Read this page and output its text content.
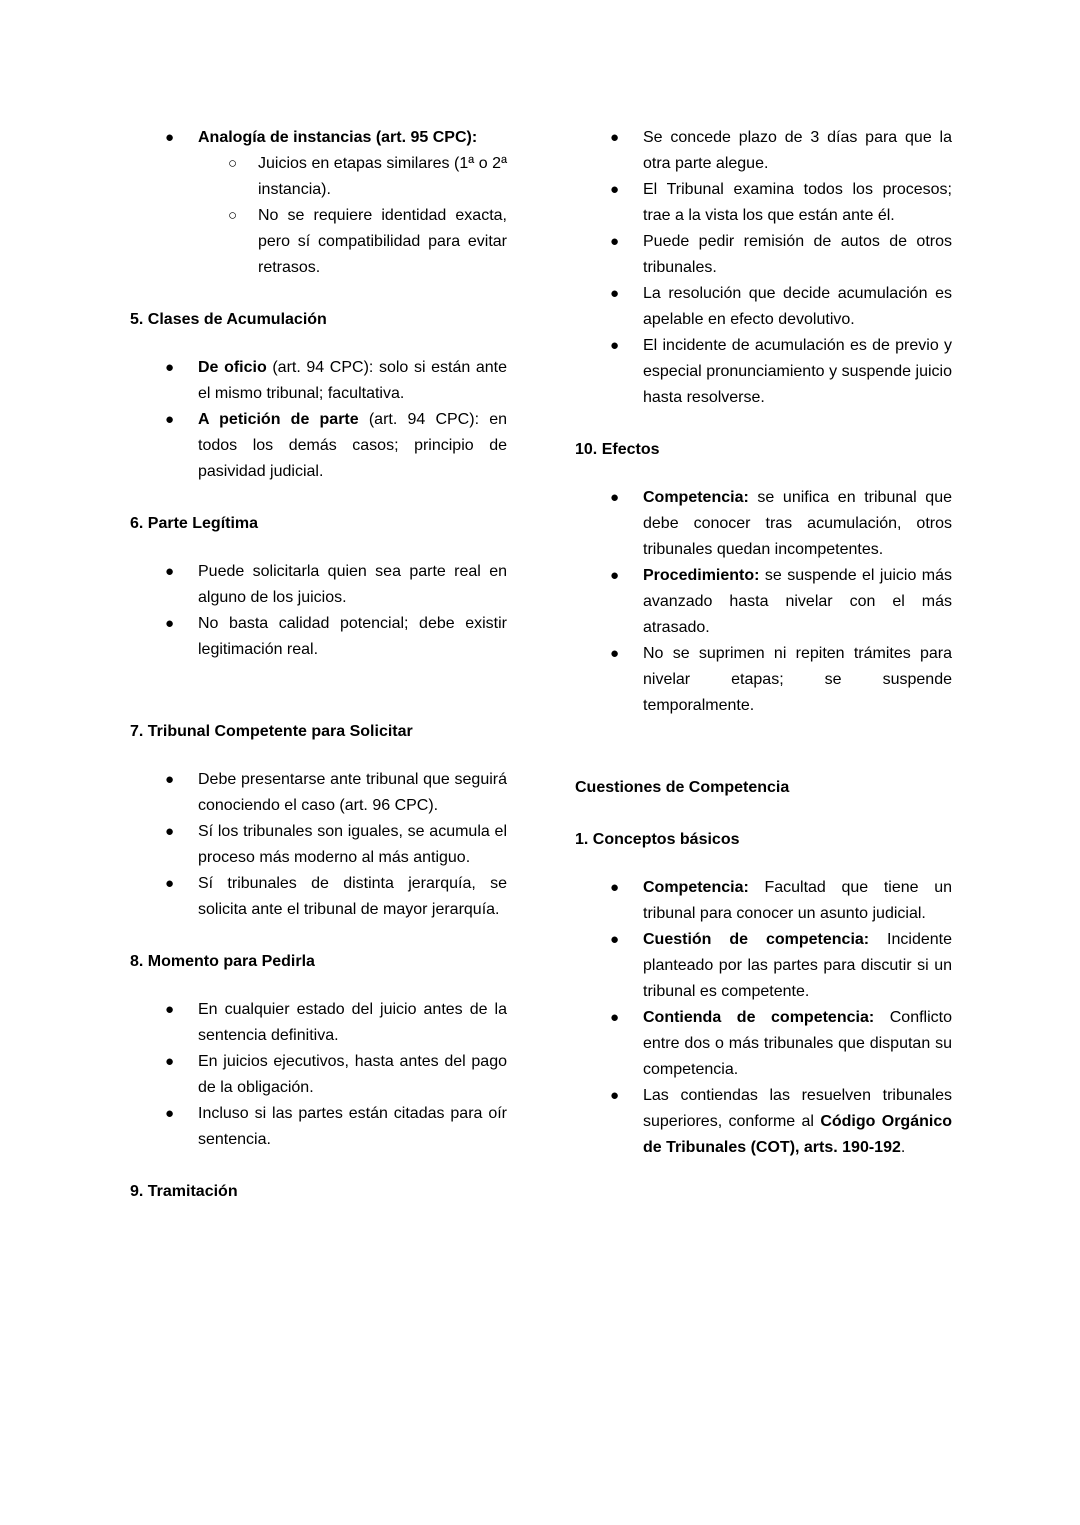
● Analogía de instancias (art. 95 CPC):
○ Juicios en etapas similares (1ª o 2ª instancia).
○ No se requiere identidad exacta, pero sí compatibilidad para evitar retrasos.
5. Clases de Acumulación
● De oficio (art. 94 CPC): solo si están ante el mismo tribunal; facultativa.
● A petición de parte (art. 94 CPC): en todos los demás casos; principio de pasividad judicial.
6. Parte Legítima
● Puede solicitarla quien sea parte real en alguno de los juicios.
● No basta calidad potencial; debe existir legitimación real.
7. Tribunal Competente para Solicitar
● Debe presentarse ante tribunal que seguirá conociendo el caso (art. 96 CPC).
● Sí los tribunales son iguales, se acumula el proceso más moderno al más antiguo.
● Sí tribunales de distinta jerarquía, se solicita ante el tribunal de mayor jerarquía.
8. Momento para Pedirla
● En cualquier estado del juicio antes de la sentencia definitiva.
● En juicios ejecutivos, hasta antes del pago de la obligación.
● Incluso si las partes están citadas para oír sentencia.
9. Tramitación
● Se concede plazo de 3 días para que la otra parte alegue.
● El Tribunal examina todos los procesos; trae a la vista los que están ante él.
● Puede pedir remisión de autos de otros tribunales.
● La resolución que decide acumulación es apelable en efecto devolutivo.
● El incidente de acumulación es de previo y especial pronunciamiento y suspende juicio hasta resolverse.
10. Efectos
● Competencia: se unifica en tribunal que debe conocer tras acumulación, otros tribunales quedan incompetentes.
● Procedimiento: se suspende el juicio más avanzado hasta nivelar con el más atrasado.
● No se suprimen ni repiten trámites para nivelar etapas; se suspende temporalmente.
Cuestiones de Competencia
1. Conceptos básicos
● Competencia: Facultad que tiene un tribunal para conocer un asunto judicial.
● Cuestión de competencia: Incidente planteado por las partes para discutir si un tribunal es competente.
● Contienda de competencia: Conflicto entre dos o más tribunales que disputan su competencia.
● Las contiendas las resuelven tribunales superiores, conforme al Código Orgánico de Tribunales (COT), arts. 190-192.
